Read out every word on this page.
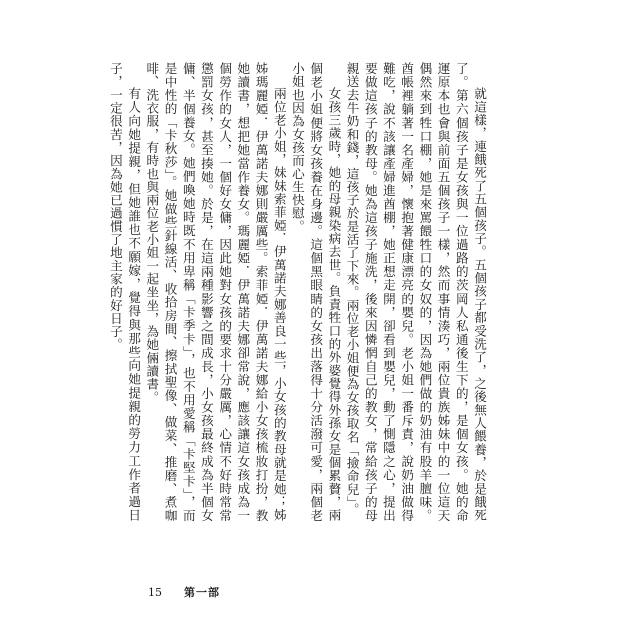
就這樣，連餓死了五個孩子。五個孩子都受洗了，之後無人餵養，於是餓死了。第六個孩子是女孩與一位過路的茨岡人私通後生下的，是個女孩。她的命運原本也會與前面五個孩子一樣，然而事情湊巧，兩位貴族姊妹中的一位這天偶然來到牲口棚，她是來罵餵牲口的女奴的，因為她們做的奶油有股羊膻味。酋帳裡躺著一名產婦，懷抱著健康漂亮的嬰兒。老小姐一番斥責，說奶油做得難吃，說不該讓產婦進酋棚，她正想走開，卻看到嬰兒，動了惻隱之心，提出要做這孩子的教母。她為這孩子施洗，後來因憐惘自己的教女，常給孩子的母親送去牛奶和錢，這孩子於是活了下來。兩位老小姐便為女孩取名「撿命兒」。

女孩三歲時，她的母親染病去世。負責牲口的外婆覺得外孫女是個累贅，兩個老小姐便將女孩養在身邊。這個黑眼睛的女孩出落得十分活潑可愛，兩個老小姐也因為女孩而心生快慰。

兩位老小姐，妹妹索菲婭．伊萬諾夫娜善良一些，小女孩的教母就是她；姊姊瑪麗婭．伊萬諾夫娜則嚴厲些。索菲婭．伊萬諾夫娜給小女孩梳妝打扮，教她讀書，想把她當作養女。瑪麗婭．伊萬諾夫娜卻常說，應該讓這女孩成為一個勞作的女人，一個好女傭，因此她對女孩的要求十分嚴厲，心情不好時常常懲罰女孩，甚至揍她。於是，在這兩種影響之間成長，小女孩最終成為半個女傭、半個養女。她們喚她時既不用卑稱「卡季卡」，也不用愛稱「卡堅卡」，而是中性的「卡秋莎」。她做些針線活、收拾房間、擦拭聖像、做菜、推磨、煮咖啡、洗衣服，有時也與兩位老小姐一起坐坐，為她倆讀書。

有人向她提親，但她誰也不願嫁，覺得與那些向她提親的勞力工作者過日子，一定很苦，因為她已過慣了地主家的好日子。

15 第一部
